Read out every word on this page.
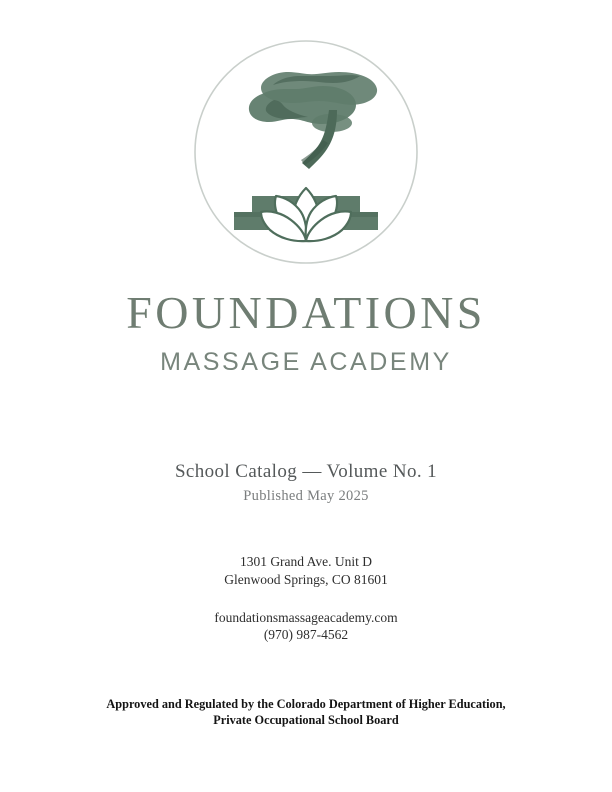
FOUNDATIONS
MASSAGE ACADEMY
School Catalog — Volume No. 1
Published May 2025
1301 Grand Ave. Unit D
Glenwood Springs, CO 81601
foundationsmassageacademy.com
(970) 987-4562
Approved and Regulated by the Colorado Department of Higher Education,
Private Occupational School Board
